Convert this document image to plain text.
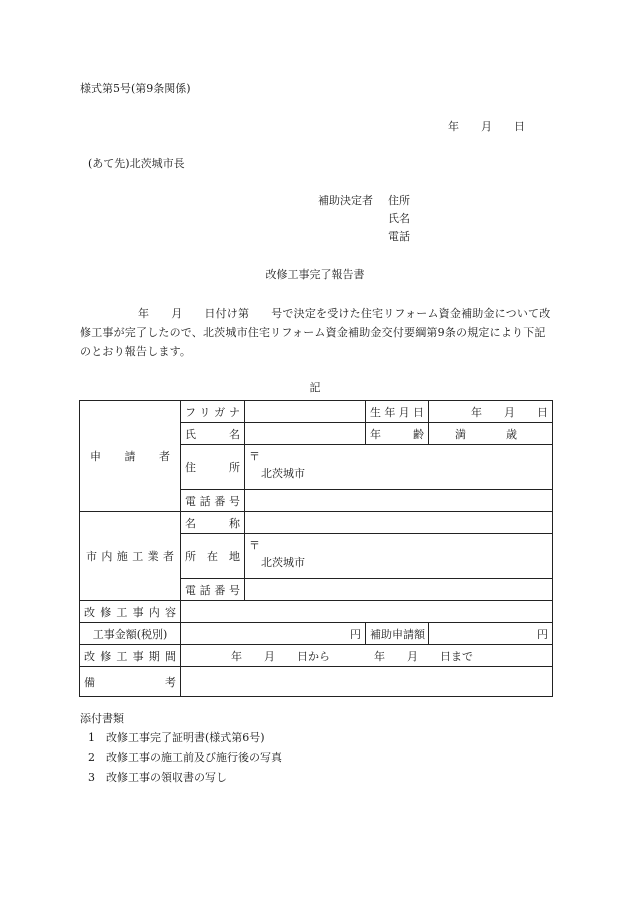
様式第5号(第9条関係)
年 月 日
(あて先)北茨城市長
補助決定者 住所
氏名
電話
改修工事完了報告書
年 月 日付け第 号で決定を受けた住宅リフォーム資金補助金について改修工事が完了したので、北茨城市住宅リフォーム資金補助金交付要綱第9条の規定により下記のとおり報告します。
記
申請者	フリガナ		生年月日	年 月 日
	氏名		年齢	満 歳
	住所	〒
北茨城市		

	電話番号			

市内施工業者	名称			
	所在地	〒
北茨城市		

	電話番号			
改修工事内容				
工事金額(税別)	円		補助申請額	円
改修工事期間	年 月 日から 年 月 日まで			
備考				
添付書類
1 改修工事完了証明書(様式第6号)
2 改修工事の施工前及び施行後の写真
3 改修工事の領収書の写し
